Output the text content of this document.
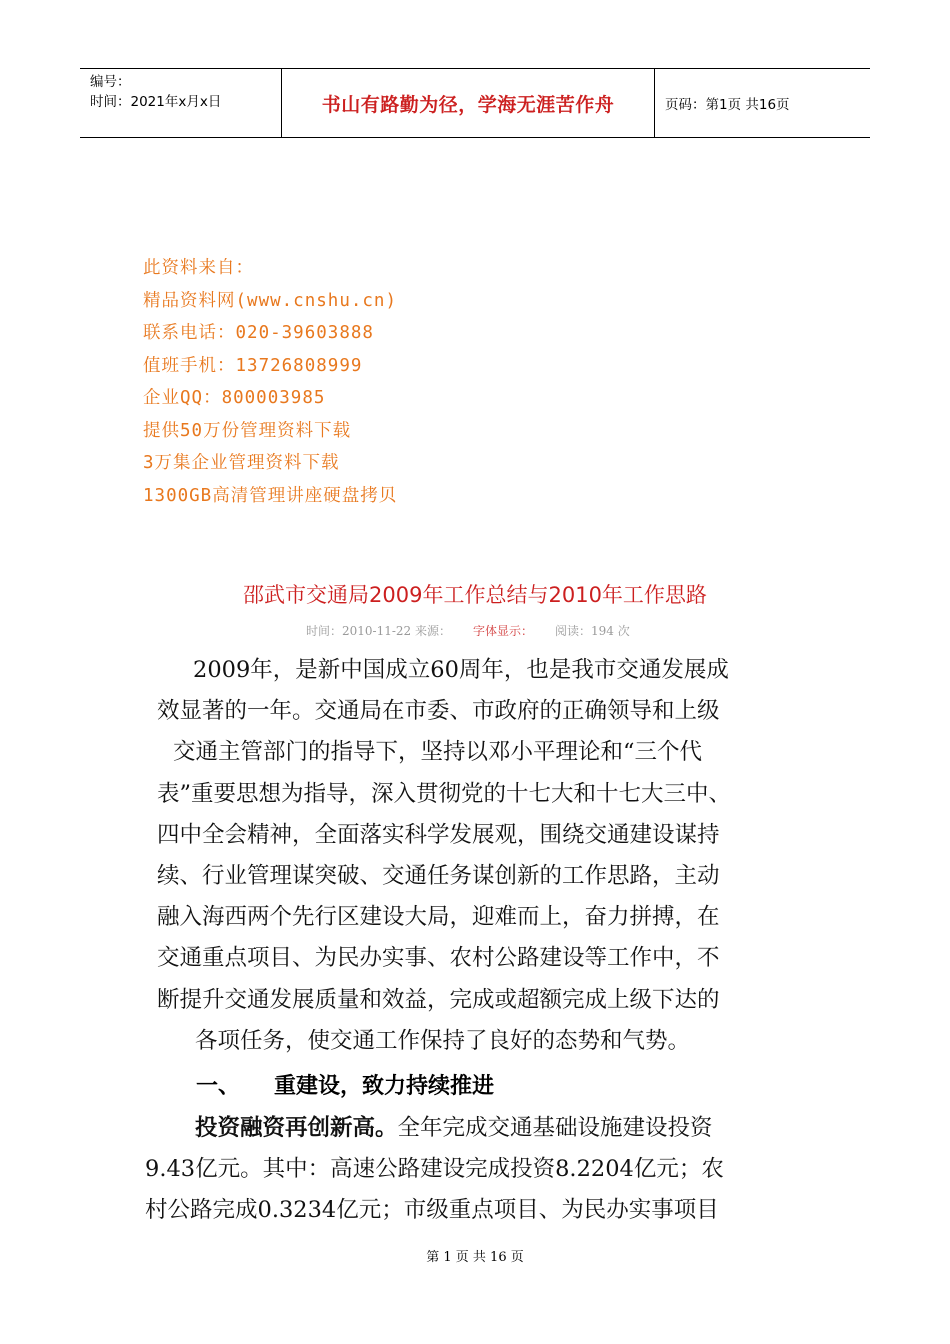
编号：
时间：2021年x月x日	书山有路勤为径，学海无涯苦作舟	页码：第1页 共16页
此资料来自：
精品资料网(www.cnshu.cn)
联系电话：020-39603888
值班手机：13726808999
企业QQ：800003985
提供50万份管理资料下载
3万集企业管理资料下载
1300GB高清管理讲座硬盘拷贝
邵武市交通局2009年工作总结与2010年工作思路
时间：2010-11-22 来源： 字体显示： 阅读：194 次
2009年，是新中国成立60周年，也是我市交通发展成
效显著的一年。交通局在市委、市政府的正确领导和上级
交通主管部门的指导下，坚持以邓小平理论和“三个代
表”重要思想为指导，深入贯彻党的十七大和十七大三中、
四中全会精神，全面落实科学发展观，围绕交通建设谋持
续、行业管理谋突破、交通任务谋创新的工作思路，主动
融入海西两个先行区建设大局，迎难而上，奋力拼搏，在
交通重点项目、为民办实事、农村公路建设等工作中，不
断提升交通发展质量和效益，完成或超额完成上级下达的
各项任务，使交通工作保持了良好的态势和气势。
一、 重建设，致力持续推进
投资融资再创新高。全年完成交通基础设施建设投资
9.43亿元。其中：高速公路建设完成投资8.2204亿元；农
村公路完成0.3234亿元；市级重点项目、为民办实事项目
第 1 页 共 16 页
